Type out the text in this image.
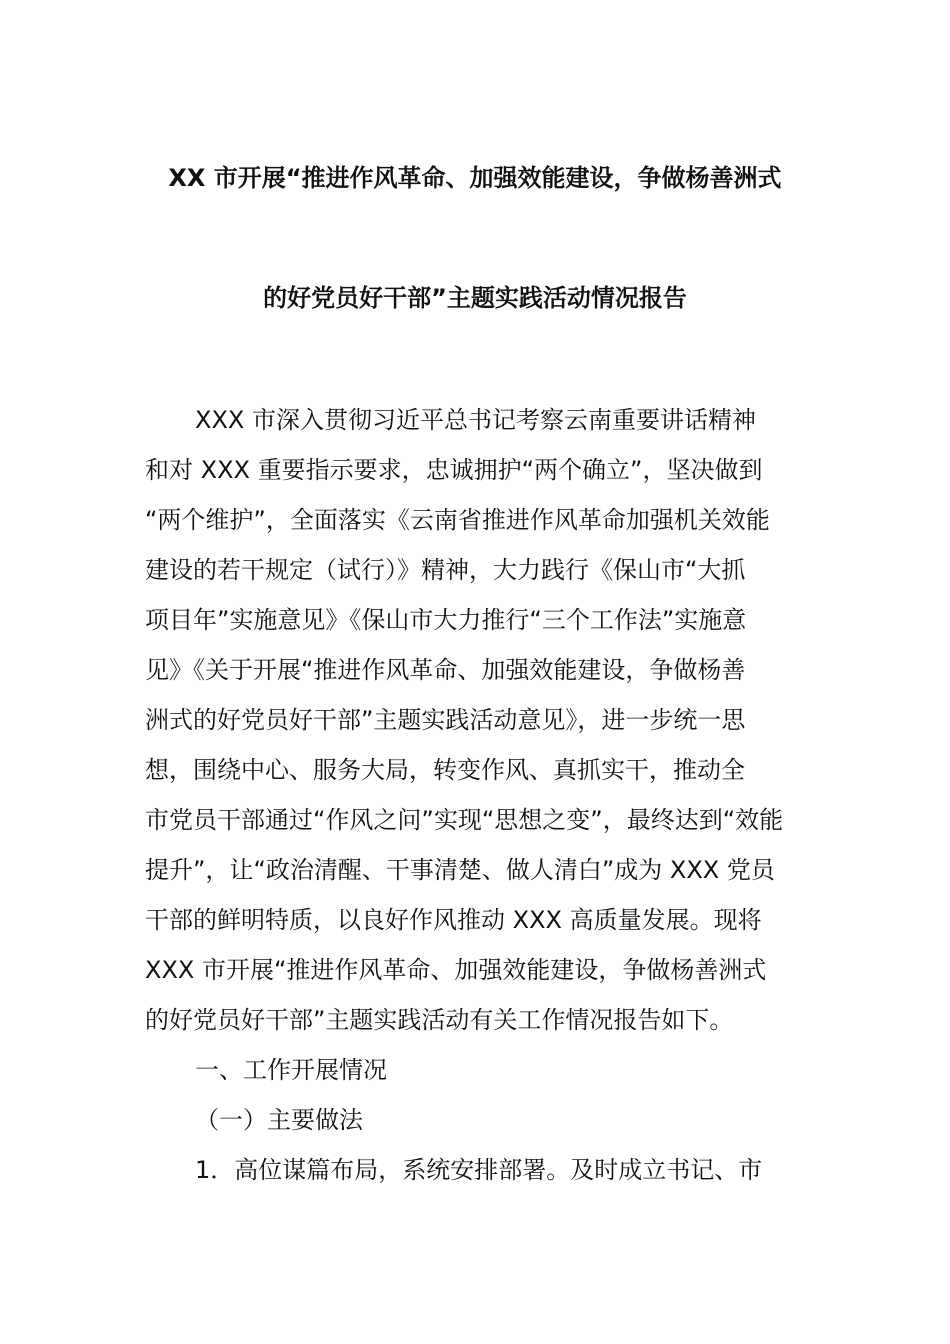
XX 市开展“推进作风革命、加强效能建设，争做杨善洲式
的好党员好干部”主题实践活动情况报告
XXX 市深入贯彻习近平总书记考察云南重要讲话精神
和对 XXX 重要指示要求，忠诚拥护“两个确立”，坚决做到
“两个维护”，全面落实《云南省推进作风革命加强机关效能
建设的若干规定（试行）》精神，大力践行《保山市“大抓
项目年”实施意见》《保山市大力推行“三个工作法”实施意
见》《关于开展“推进作风革命、加强效能建设，争做杨善
洲式的好党员好干部”主题实践活动意见》，进一步统一思
想，围绕中心、服务大局，转变作风、真抓实干，推动全
市党员干部通过“作风之问”实现“思想之变”，最终达到“效能
提升”，让“政治清醒、干事清楚、做人清白”成为 XXX 党员
干部的鲜明特质，以良好作风推动 XXX 高质量发展。现将
XXX 市开展“推进作风革命、加强效能建设，争做杨善洲式
的好党员好干部”主题实践活动有关工作情况报告如下。
一、工作开展情况
（一）主要做法
1．高位谋篇布局，系统安排部署。及时成立书记、市
